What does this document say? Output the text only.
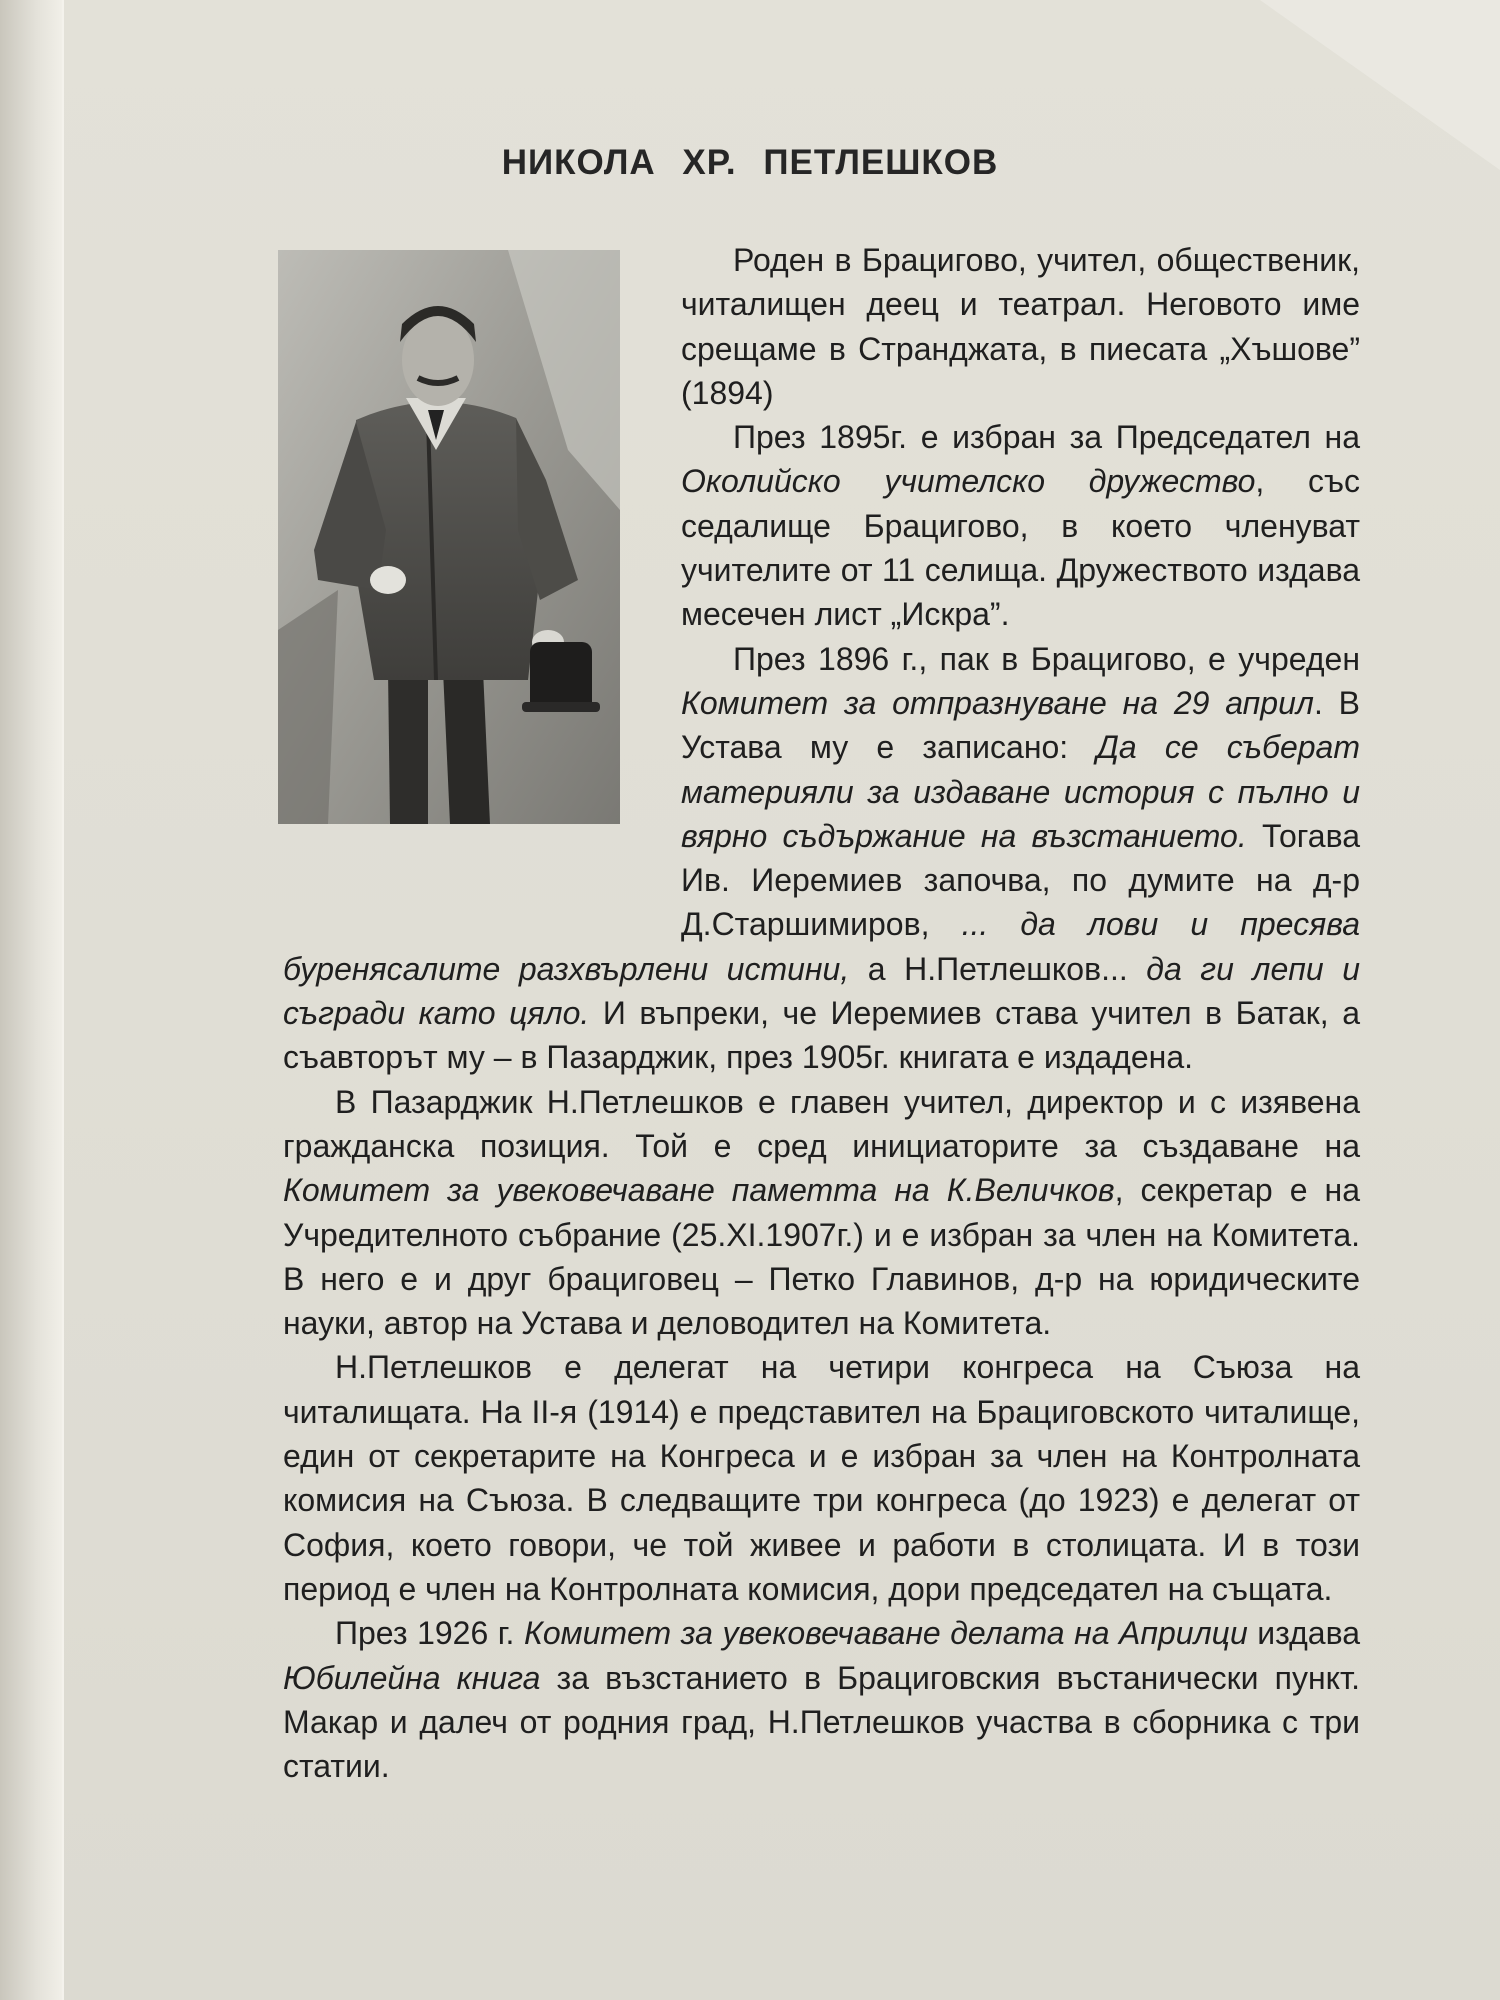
НИКОЛА ХР. ПЕТЛЕШКОВ

Роден в Брацигово, учител, общественик, читалищен деец и театрал. Неговото име срещаме в Странджата, в пиесата „Хъшове” (1894)

През 1895г. е избран за Председател на Околийско учителско дружество, със седалище Брацигово, в което членуват учителите от 11 селища. Дружеството издава месечен лист „Искра”.

През 1896 г., пак в Брацигово, е учреден Комитет за отпразнуване на 29 април. В Устава му е записано: Да се съберат материяли за издаване история с пълно и вярно съдържание на възстанието. Тогава Ив. Иеремиев започва, по думите на д-р Д.Старшимиров, ... да лови и пресява буренясалите разхвърлени истини, а Н.Петлешков... да ги лепи и съгради като цяло. И въпреки, че Иеремиев става учител в Батак, а съавторът му – в Пазарджик, през 1905г. книгата е издадена.

В Пазарджик Н.Петлешков е главен учител, директор и с изявена гражданска позиция. Той е сред инициаторите за създаване на Комитет за увековечаване паметта на К.Величков, секретар е на Учредителното събрание (25.XI.1907г.) и е избран за член на Комитета. В него е и друг брациговец – Петко Главинов, д-р на юридическите науки, автор на Устава и деловодител на Комитета.

Н.Петлешков е делегат на четири конгреса на Съюза на читалищата. На II-я (1914) е представител на Брациговското читалище, един от секретарите на Конгреса и е избран за член на Контролната комисия на Съюза. В следващите три конгреса (до 1923) е делегат от София, което говори, че той живее и работи в столицата. И в този период е член на Контролната комисия, дори председател на същата.

През 1926 г. Комитет за увековечаване делата на Априлци издава Юбилейна книга за възстанието в Брациговския въстанически пункт. Макар и далеч от родния град, Н.Петлешков участва в сборника с три статии.
